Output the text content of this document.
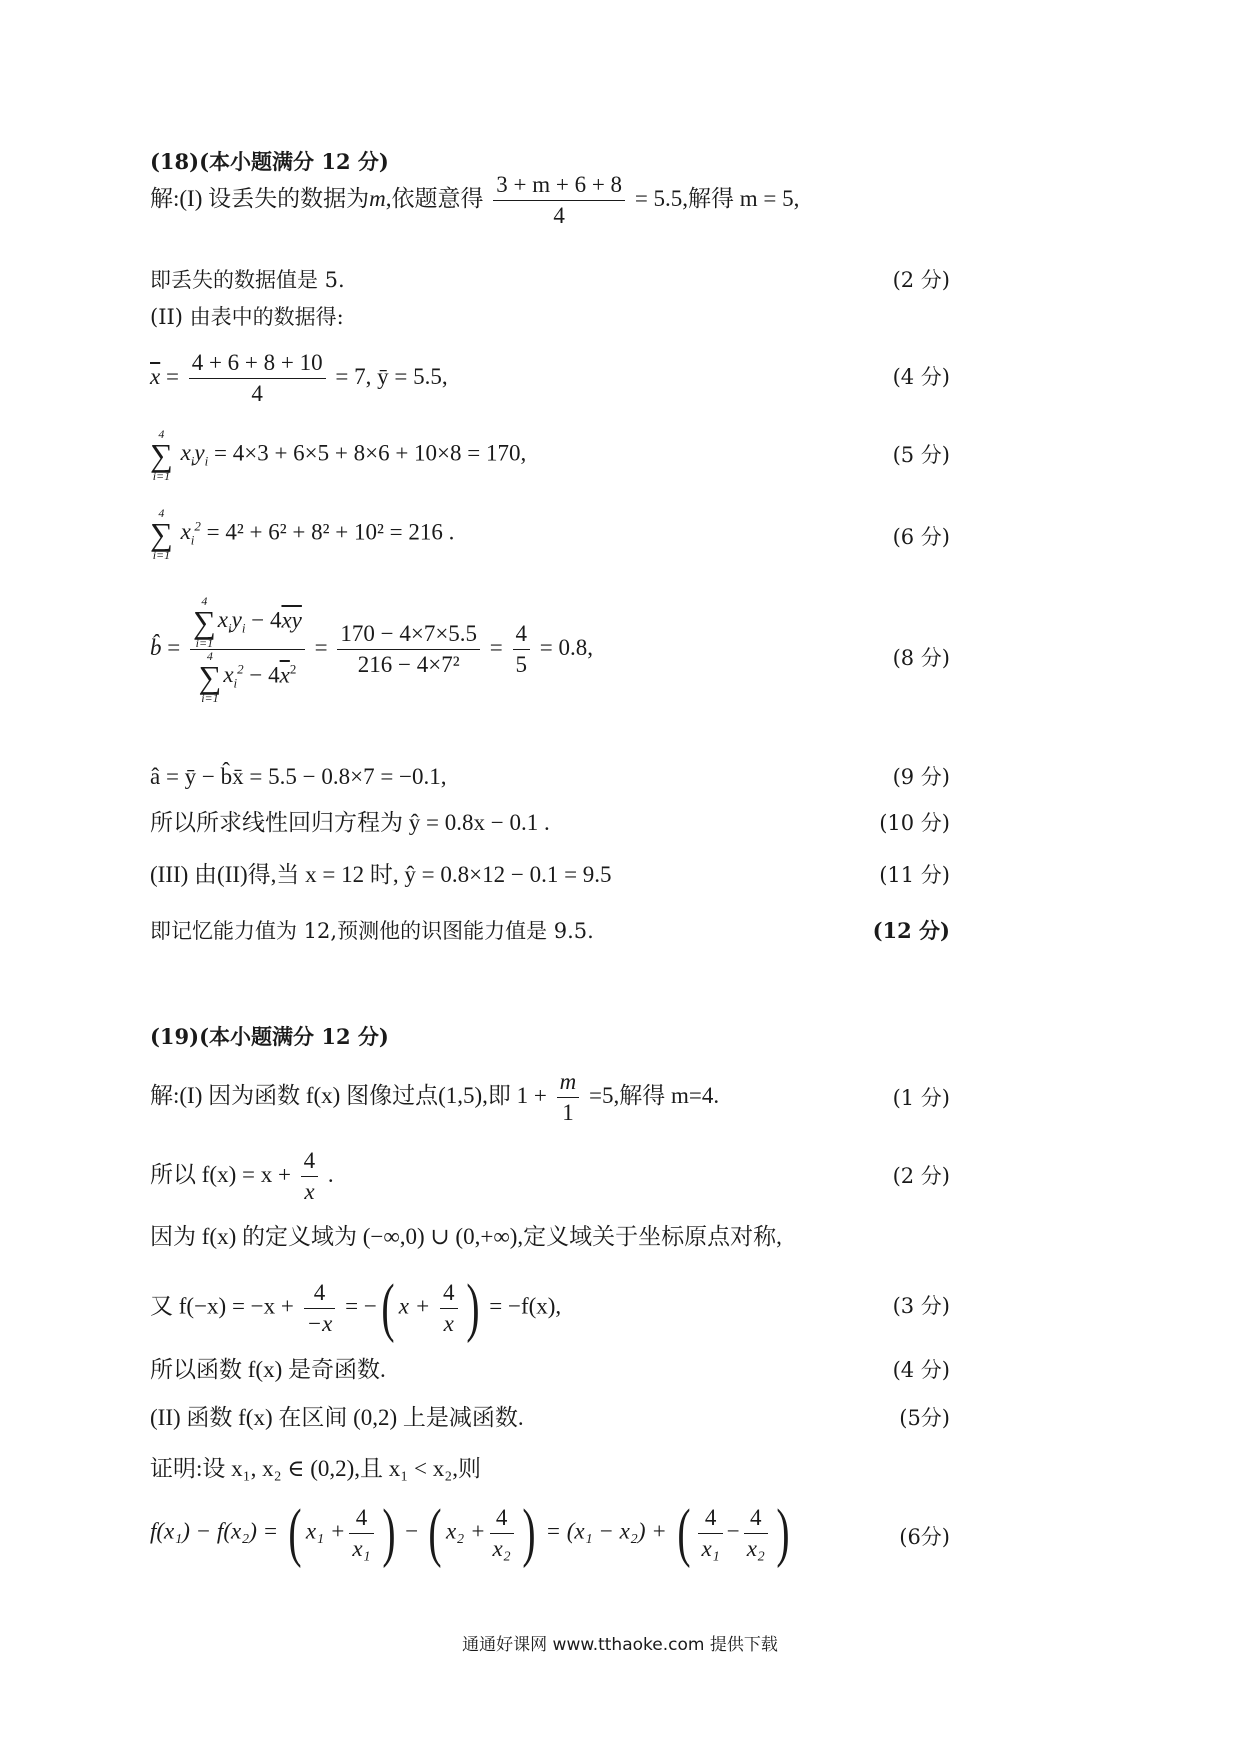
(18)(本小题满分 12 分)
解:(I) 设丢失的数据为m,依题意得 $\frac{3 + m + 6 + 8}{4} = 5.5$,解得 m = 5,
即丢失的数据值是 5.	(2 分)
(II) 由表中的数据得:
$\overline{x} = \frac{4 + 6 + 8 + 10}{4} = 7$, ȳ = 5.5,	(4 分)
4
∑
i=1
$x_iy_i = 4\times 3 + 6\times 5 + 8\times 6 + 10\times 8 = 170$,	(5 分)
4
∑
i=1
$x_i^2 = 4^2 + 6^2 + 8^2 + 10^2 = 216$ .	(6 分)
b̂ = 4
∑
i=1
$x_iy_i - 4\overline{xy}$
4
∑
i=1
$x_i^2 - 4\overline{x}^2 = \frac{170 - 4\times 7\times 5.5}{\text{216 − 4×7²}} = \frac{4}{5} = 0.8$,	(8 分)
â = ȳ − b̂x̄ = 5.5 − 0.8×7 = −0.1,	(9 分)
所以所求线性回归方程为 ŷ = 0.8x − 0.1 .	(10 分)
(III) 由(II)得,当 x = 12 时, ŷ = 0.8×12 − 0.1 = 9.5	(11 分)
即记忆能力值为 12,预测他的识图能力值是 9.5.	(12 分)
(19)(本小题满分 12 分)
解:(I) 因为函数 f(x) 图像过点(1,5),即 $1 + \frac{m}{1} =5$,解得 m=4.	(1 分)
所以 $f(x) = x + \frac{4}{x}$ .	(2 分)
因为 f(x) 的定义域为 (−∞,0) ∪ (0,+∞),定义域关于坐标原点对称,
又 $f(-x) = -x + \frac{4}{-x}$ = −( $x + \frac{4}{x}$ ) = −f(x),	(3 分)
所以函数 f(x) 是奇函数.	(4 分)
(II) 函数 f(x) 在区间 (0,2) 上是减函数.	(5分)
证明:设 x₁, x₂ ∈ (0,2),且 x₁ < x₂,则
f(x₁) − f(x₂) = ( $x_1 + \frac{4}{\text{x₁}}$ ) − ( $x_2 + \frac{4}{\text{x₂}}$ ) = (x₁ − x₂) + ( $\frac{4}{\text{x₁}} - \frac{4}{\text{x₂}}$ )	(6分)
通通好课网 www.tthaoke.com 提供下载
